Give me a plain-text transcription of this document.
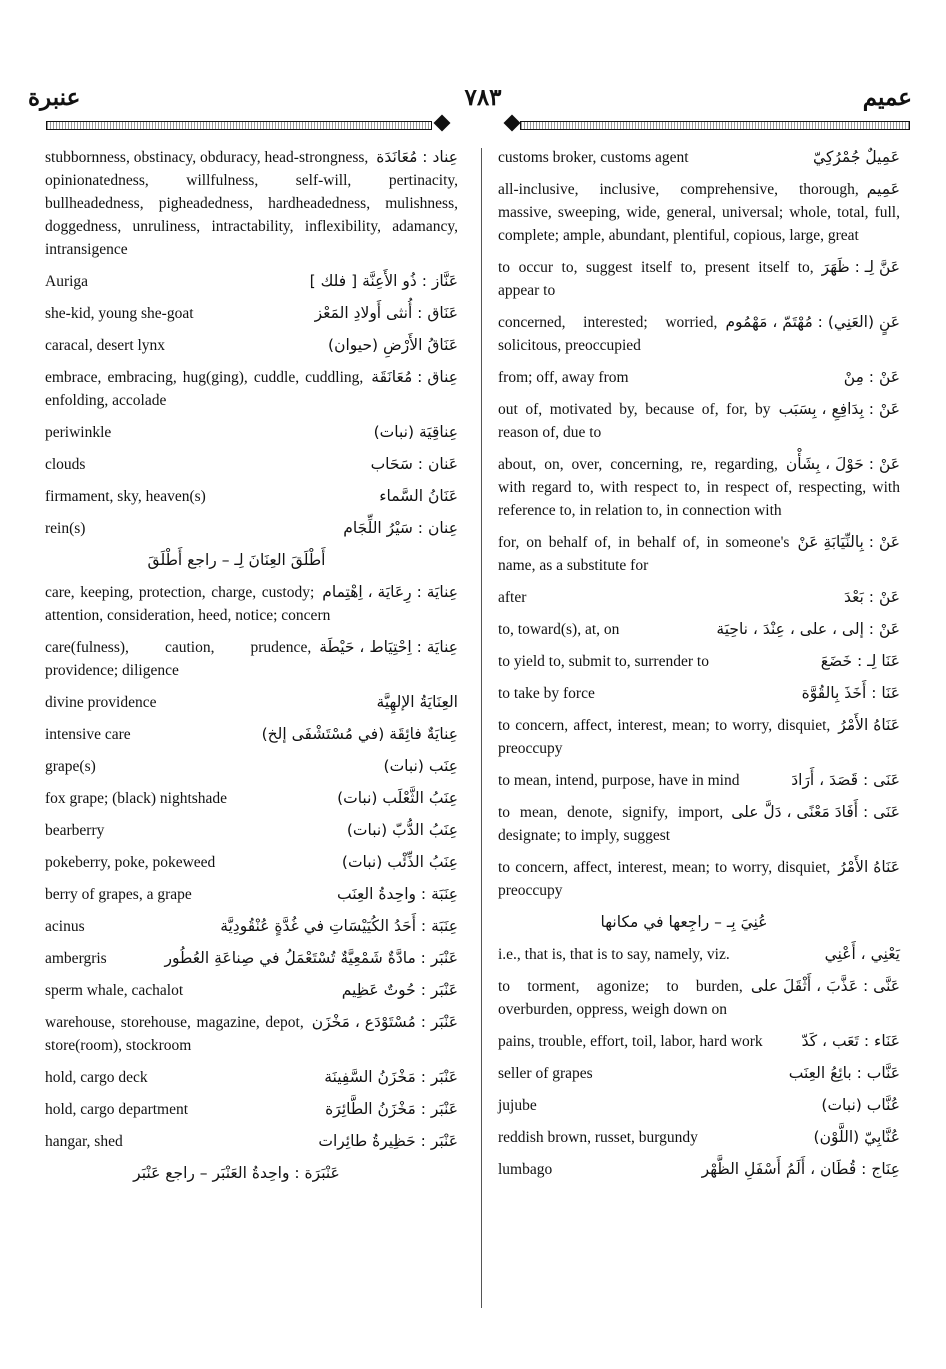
عنبرة	٧٨٣	عميم
عِناد : مُعَانَدَة
stubbornness, obstinacy, obduracy, head-strongness, opinionatedness, willfulness, self-will, pertinacity, bullheadedness, pigheadedness, hardheadedness, mulishness, doggedness, unruliness, intractability, inflexibility, adamancy, intransigence
عَنَّاز : ذُو الأَعِنَّة [ فلك ]
Auriga
عَنَاق : أُنثى أَولادِ المَعْز
she-kid, young she-goat
عَنَاقُ الأَرْضِ (حيوان)
caracal, desert lynx
عِناق : مُعَانَقَة
embrace, embracing, hug(ging), cuddle, cuddling, enfolding, accolade
عِناقِيَة (نبات)
periwinkle
عَنان : سَحَاب
clouds
عَنَانُ السَّماء
firmament, sky, heaven(s)
عِنان : سَيْرُ اللِّجَام
rein(s)
أَطْلَقَ العِنَانَ لِـ – راجع أَطْلَقَ
عِنايَة : رِعَايَة ، اِهْتِمام
care, keeping, protection, charge, custody; attention, consideration, heed, notice; concern
عِنايَة : اِحْتِيَاط ، حَيْطَة
care(fulness), caution, prudence, providence; diligence
العِنَايَةُ الإلهِيَّة
divine providence
عِنايَةٌ فائِقَة (في مُسْتَشْفَى إلخ)
intensive care
عِنَب (نبات)
grape(s)
عِنَبُ الثَّعْلَب (نبات)
fox grape; (black) nightshade
عِنَبُ الدُّبّ (نبات)
bearberry
عِنَبُ الذِّئْب (نبات)
pokeberry, poke, pokeweed
عِنَبَة : واحِدةُ العِنَب
berry of grapes, a grape
عِنَبَة : أَحَدُ الكُيَيْسَاتِ في غُدَّةٍ عُنْقُودِيَّة
acinus
عَنْبَر : مادَّةٌ شَمْعِيَّةٌ تُسْتَعْمَلُ في صِناعَةِ العُطُور
ambergris
عَنْبَر : حُوتٌ عَظِيم
sperm whale, cachalot
عَنْبَر : مُسْتَوْدَع ، مَخْزَن
warehouse, storehouse, magazine, depot, store(room), stockroom
عَنْبَر : مَخْزَنُ السَّفِينَة
hold, cargo deck
عَنْبَر : مَخْزَنُ الطَّائِرَة
hold, cargo department
عَنْبَر : حَظِيرةُ طائِرات
hangar, shed
عَنْبَرَة : واحِدةُ العَنْبَر – راجع عَنْبَر
عَمِيلٌ جُمْرُكِيّ
customs broker, customs agent
عَمِيم
all-inclusive, inclusive, comprehensive, thorough, massive, sweeping, wide, general, universal; whole, total, full, complete; ample, abundant, plentiful, copious, large, great
عَنَّ لِـ : ظَهَرَ
to occur to, suggest itself to, present itself to, appear to
عَنٍ (العَنِي) : مُهْتَمّ ، مَهْمُوم
concerned, interested; worried, solicitous, preoccupied
عَنْ : مِنْ
from; off, away from
عَنْ : بِدَافِعِ ، بِسَبَب
out of, motivated by, because of, for, by reason of, due to
عَنْ : حَوْلَ ، بِشَأْن
about, on, over, concerning, re, regarding, with regard to, with respect to, in respect of, respecting, with reference to, in relation to, in connection with
عَنْ : بِالنِّيَابَةِ عَنْ
for, on behalf of, in behalf of, in someone's name, as a substitute for
عَنْ : بَعْدَ
after
عَنْ : إلى ، على ، عِنْدَ ، ناحِيَة
to, toward(s), at, on
عَنَا لِـ : خَضَعَ
to yield to, submit to, surrender to
عَنَا : أَخَذَ بِالقُوَّة
to take by force
عَنَاهُ الأَمْرُ
to concern, affect, interest, mean; to worry, disquiet, preoccupy
عَنَى : قَصَدَ ، أَرَادَ
to mean, intend, purpose, have in mind
عَنَى : أَفَادَ مَعْنًى ، دَلَّ على
to mean, denote, signify, import, designate; to imply, suggest
عَنَاهُ الأَمْرُ
to concern, affect, interest, mean; to worry, disquiet, preoccupy
عُنِيَ بِـ – راجِعها في مكانها
يَعْنِي ، أَعْنِي
i.e., that is, that is to say, namely, viz.
عَنَّى : عَذَّبَ ، أَثْقَلَ على
to torment, agonize; to burden, overburden, oppress, weigh down on
عَنَاء : تَعَب ، كَدّ
pains, trouble, effort, toil, labor, hard work
عَنَّاب : بائِعُ العِنَب
seller of grapes
عُنَّاب (نبات)
jujube
عُنَّابِيّ (اللَّوْن)
reddish brown, russet, burgundy
عِنَاج : قُطَان ، أَلَمُ أَسْفَلِ الظَّهْر
lumbago
